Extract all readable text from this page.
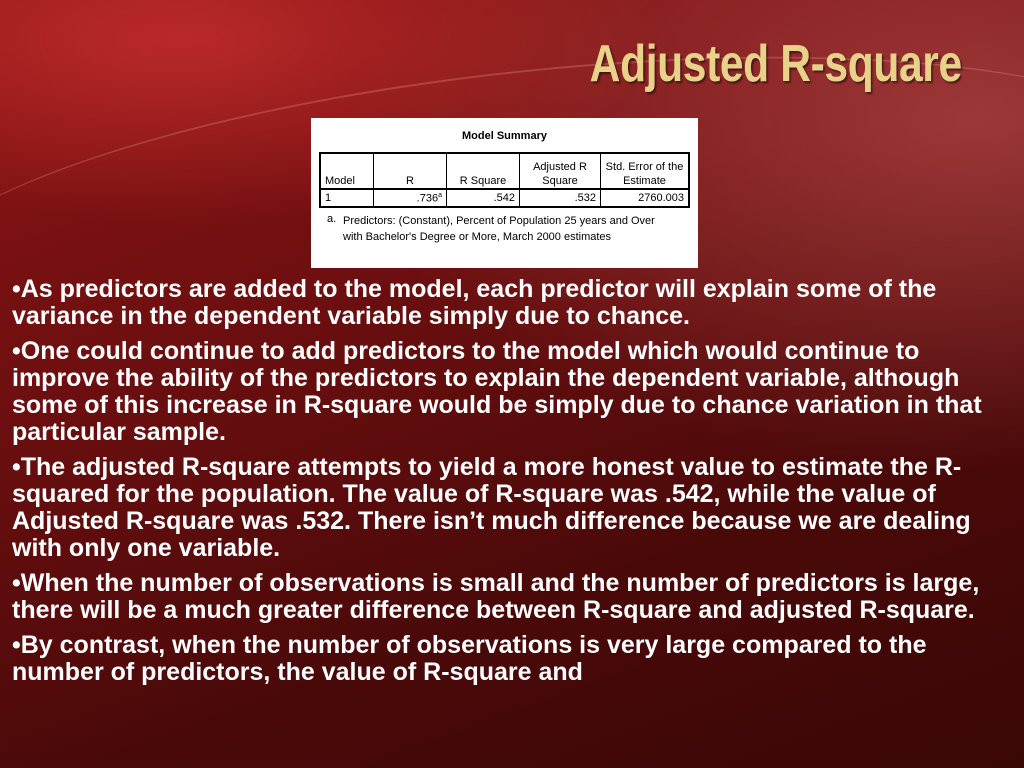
Adjusted R-square
Model Summary
Model	R	R Square	Adjusted R Square	Std. Error of the Estimate
1	.736$^a$	.542	.532	2760.003
a. Predictors: (Constant), Percent of Population 25 years and Over with Bachelor's Degree or More, March 2000 estimates
•As predictors are added to the model, each predictor will explain some of the variance in the dependent variable simply due to chance.
•One could continue to add predictors to the model which would continue to improve the ability of the predictors to explain the dependent variable, although some of this increase in R-square would be simply due to chance variation in that particular sample.
•The adjusted R-square attempts to yield a more honest value to estimate the R-squared for the population. The value of R-square was .542, while the value of Adjusted R-square was .532. There isn’t much difference because we are dealing with only one variable.
•When the number of observations is small and the number of predictors is large, there will be a much greater difference between R-square and adjusted R-square.
•By contrast, when the number of observations is very large compared to the number of predictors, the value of R-square and
